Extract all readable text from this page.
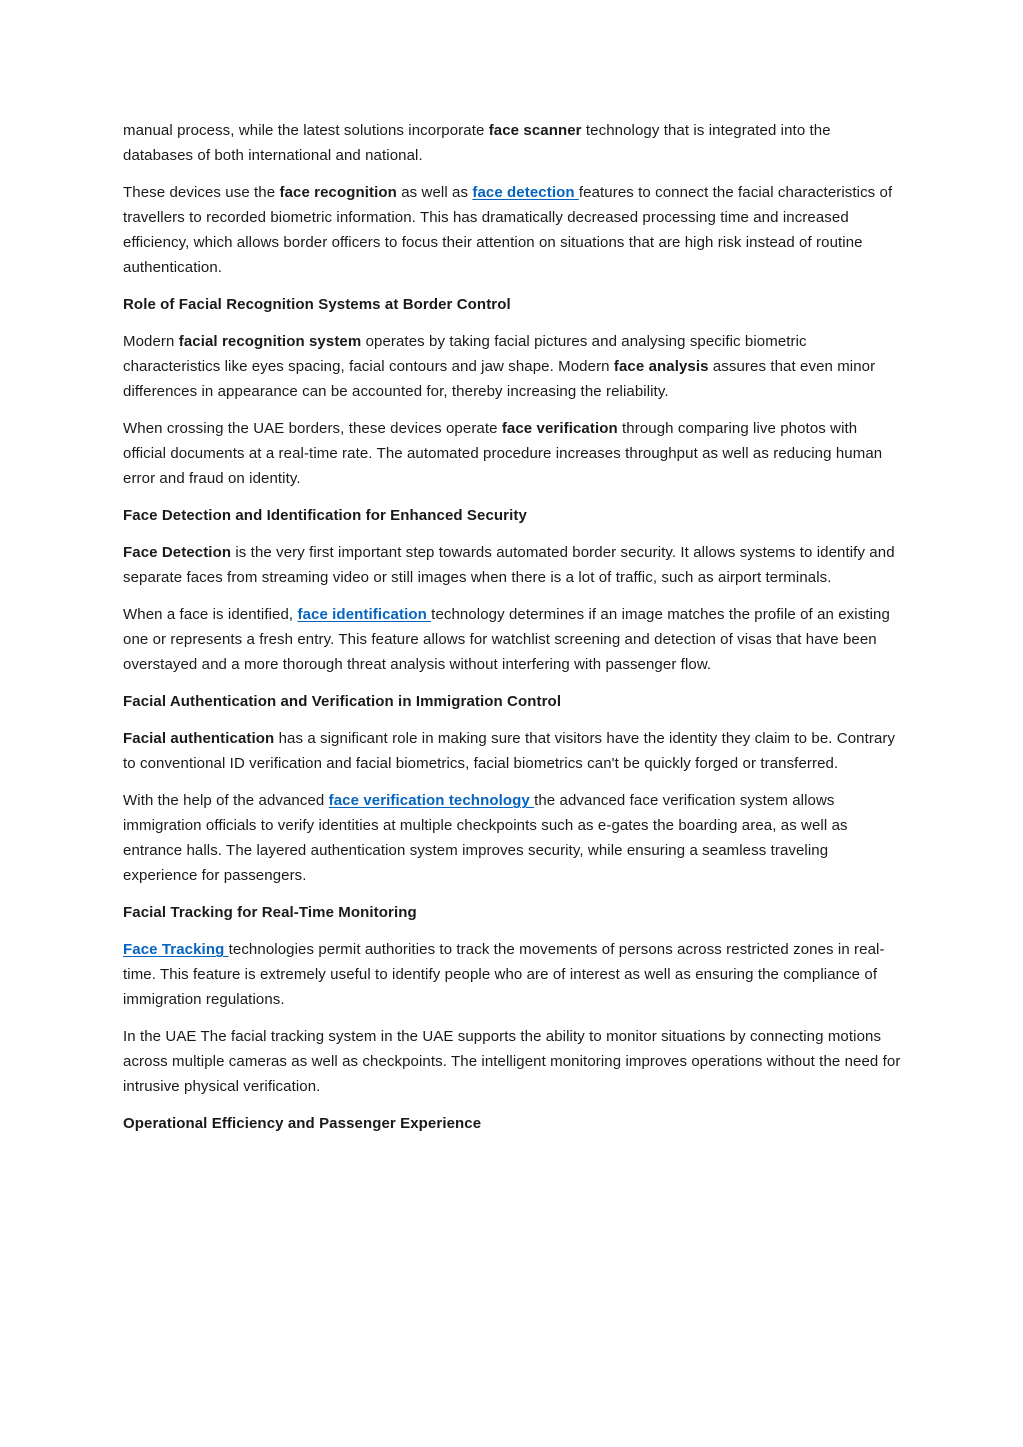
manual process, while the latest solutions incorporate face scanner technology that is integrated into the databases of both international and national.

These devices use the face recognition as well as face detection features to connect the facial characteristics of travellers to recorded biometric information. This has dramatically decreased processing time and increased efficiency, which allows border officers to focus their attention on situations that are high risk instead of routine authentication.

Role of Facial Recognition Systems at Border Control

Modern facial recognition system operates by taking facial pictures and analysing specific biometric characteristics like eyes spacing, facial contours and jaw shape. Modern face analysis assures that even minor differences in appearance can be accounted for, thereby increasing the reliability.

When crossing the UAE borders, these devices operate face verification through comparing live photos with official documents at a real-time rate. The automated procedure increases throughput as well as reducing human error and fraud on identity.

Face Detection and Identification for Enhanced Security

Face Detection is the very first important step towards automated border security. It allows systems to identify and separate faces from streaming video or still images when there is a lot of traffic, such as airport terminals.

When a face is identified, face identification technology determines if an image matches the profile of an existing one or represents a fresh entry. This feature allows for watchlist screening and detection of visas that have been overstayed and a more thorough threat analysis without interfering with passenger flow.

Facial Authentication and Verification in Immigration Control

Facial authentication has a significant role in making sure that visitors have the identity they claim to be. Contrary to conventional ID verification and facial biometrics, facial biometrics can't be quickly forged or transferred.

With the help of the advanced face verification technology the advanced face verification system allows immigration officials to verify identities at multiple checkpoints such as e-gates the boarding area, as well as entrance halls. The layered authentication system improves security, while ensuring a seamless traveling experience for passengers.

Facial Tracking for Real-Time Monitoring

Face Tracking technologies permit authorities to track the movements of persons across restricted zones in real-time. This feature is extremely useful to identify people who are of interest as well as ensuring the compliance of immigration regulations.

In the UAE The facial tracking system in the UAE supports the ability to monitor situations by connecting motions across multiple cameras as well as checkpoints. The intelligent monitoring improves operations without the need for intrusive physical verification.

Operational Efficiency and Passenger Experience
